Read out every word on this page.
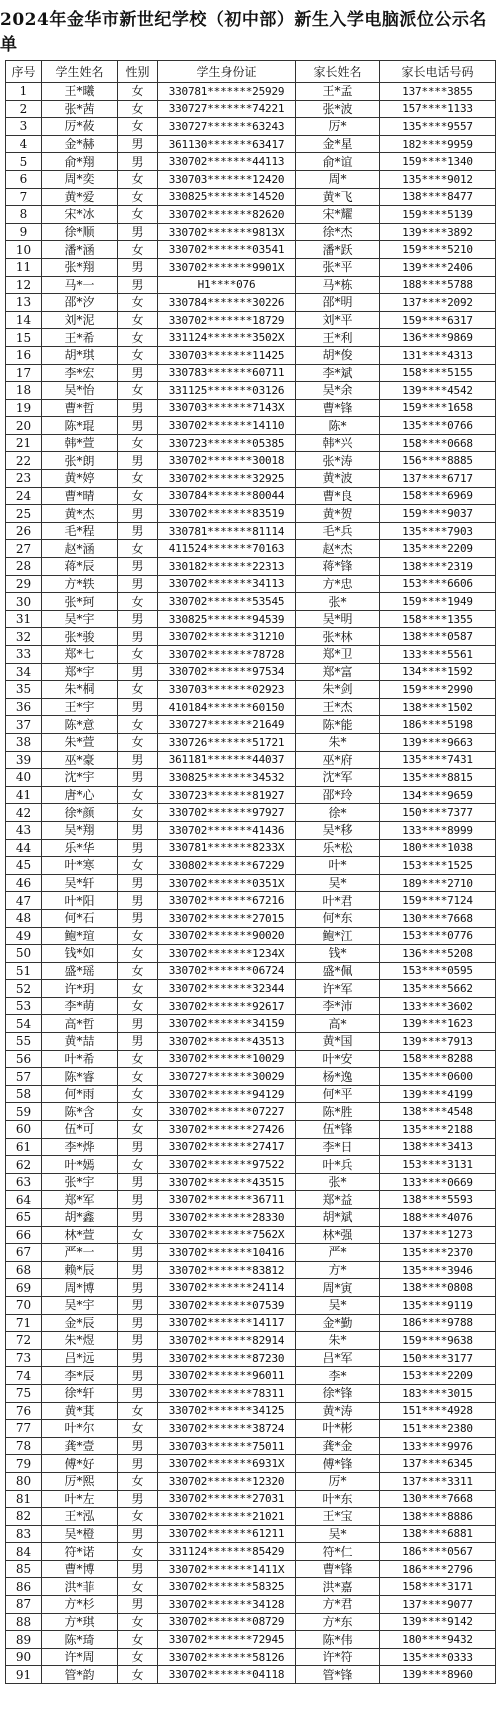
2024年金华市新世纪学校（初中部）新生入学电脑派位公示名单
序号	学生姓名	性别	学生身份证	家长姓名	家长电话号码
1	王*曦	女	330781*******25929	王*孟	137****3855
2	张*茜	女	330727*******74221	张*波	157****1133
3	厉*莜	女	330727*******63243	厉*	135****9557
4	金*赫	男	361130*******63417	金*星	182****9959
5	俞*翔	男	330702*******44113	俞*谊	159****1340
6	周*奕	女	330703*******12420	周*	135****9012
7	黄*爱	女	330825*******14520	黄*飞	138****8477
8	宋*冰	女	330702*******82620	宋*耀	159****5139
9	徐*顺	男	330702*******9813X	徐*杰	139****3892
10	潘*涵	女	330702*******03541	潘*跃	159****5210
11	张*翔	男	330702*******9901X	张*平	139****2406
12	马*一	男	H1****076	马*栋	188****5788
13	邵*汐	女	330784*******30226	邵*明	137****2092
14	刘*泥	女	330702*******18729	刘*平	159****6317
15	王*希	女	331124*******3502X	王*利	136****9869
16	胡*琪	女	330703*******11425	胡*俊	131****4313
17	李*宏	男	330783*******60711	李*斌	158****5155
18	吴*怡	女	331125*******03126	吴*余	139****4542
19	曹*哲	男	330703*******7143X	曹*锋	159****1658
20	陈*琨	男	330702*******14110	陈*	135****0766
21	韩*萱	女	330723*******05385	韩*兴	158****0668
22	张*朗	男	330702*******30018	张*涛	156****8885
23	黄*婷	女	330702*******32925	黄*波	137****6717
24	曹*晴	女	330784*******80044	曹*良	158****6969
25	黄*杰	男	330702*******83519	黄*贺	159****9037
26	毛*程	男	330781*******81114	毛*兵	135****7903
27	赵*涵	女	411524*******70163	赵*杰	135****2209
28	蒋*辰	男	330182*******22313	蒋*锋	138****2319
29	方*轶	男	330702*******34113	方*忠	153****6606
30	张*珂	女	330702*******53545	张*	159****1949
31	吴*宇	男	330825*******94539	吴*明	158****1355
32	张*骏	男	330702*******31210	张*林	138****0587
33	郑*七	女	330702*******78728	郑*卫	133****5561
34	郑*宇	男	330702*******97534	郑*富	134****1592
35	朱*桐	女	330703*******02923	朱*剑	159****2990
36	王*宇	男	410184*******60150	王*杰	138****1502
37	陈*意	女	330727*******21649	陈*能	186****5198
38	朱*萱	女	330726*******51721	朱*	139****9663
39	巫*豪	男	361181*******44037	巫*府	135****7431
40	沈*宇	男	330825*******34532	沈*军	135****8815
41	唐*心	女	330723*******81927	邵*玲	134****9659
42	徐*颜	女	330702*******97927	徐*	150****7377
43	吴*翔	男	330702*******41436	吴*移	133****8999
44	乐*华	男	330781*******8233X	乐*松	180****1038
45	叶*寒	女	330802*******67229	叶*	153****1525
46	吴*轩	男	330702*******0351X	吴*	189****2710
47	叶*阳	男	330702*******67216	叶*君	159****7124
48	何*石	男	330702*******27015	何*东	130****7668
49	鲍*瑄	女	330702*******90020	鲍*江	153****0776
50	钱*如	女	330702*******1234X	钱*	136****5208
51	盛*瑶	女	330702*******06724	盛*佩	153****0595
52	许*玥	女	330702*******32344	许*军	135****5662
53	李*萌	女	330702*******92617	李*沛	133****3602
54	高*哲	男	330702*******34159	高*	139****1623
55	黄*喆	男	330702*******43513	黄*国	139****7913
56	叶*希	女	330702*******10029	叶*安	158****8288
57	陈*睿	女	330727*******30029	杨*逸	135****0600
58	何*雨	女	330702*******94129	何*平	139****4199
59	陈*含	女	330702*******07227	陈*胜	138****4548
60	伍*可	女	330702*******27426	伍*锋	135****2188
61	李*烨	男	330702*******27417	李*日	138****3413
62	叶*嫣	女	330702*******97522	叶*兵	153****3131
63	张*宇	男	330702*******43515	张*	133****0669
64	郑*军	男	330702*******36711	郑*益	138****5593
65	胡*鑫	男	330702*******28330	胡*斌	188****4076
66	林*萱	女	330702*******7562X	林*强	137****1273
67	严*一	男	330702*******10416	严*	135****2370
68	赖*辰	男	330702*******83812	方*	135****3946
69	周*博	男	330702*******24114	周*寅	138****0808
70	吴*宇	男	330702*******07539	吴*	135****9119
71	金*辰	男	330702*******14117	金*勤	186****9788
72	朱*煜	男	330702*******82914	朱*	159****9638
73	吕*远	男	330702*******87230	吕*军	150****3177
74	李*辰	男	330702*******96011	李*	153****2209
75	徐*轩	男	330702*******78311	徐*锋	183****3015
76	黄*萁	女	330702*******34125	黄*涛	151****4928
77	叶*尔	女	330702*******38724	叶*彬	151****2380
78	龚*壹	男	330703*******75011	龚*金	133****9976
79	傅*好	男	330702*******6931X	傅*锋	137****6345
80	厉*熙	女	330702*******12320	厉*	137****3311
81	叶*左	男	330702*******27031	叶*东	130****7668
82	王*泓	女	330702*******21021	王*宝	138****8886
83	吴*橙	男	330702*******61211	吴*	138****6881
84	符*诺	女	331124*******85429	符*仁	186****0567
85	曹*博	男	330702*******1411X	曹*锋	186****2796
86	洪*菲	女	330702*******58325	洪*嘉	158****3171
87	方*杉	男	330702*******34128	方*君	137****9077
88	方*琪	女	330702*******08729	方*东	139****9142
89	陈*琦	女	330702*******72945	陈*伟	180****9432
90	许*周	女	330702*******58126	许*符	135****0333
91	管*韵	女	330702*******04118	管*锋	139****8960
